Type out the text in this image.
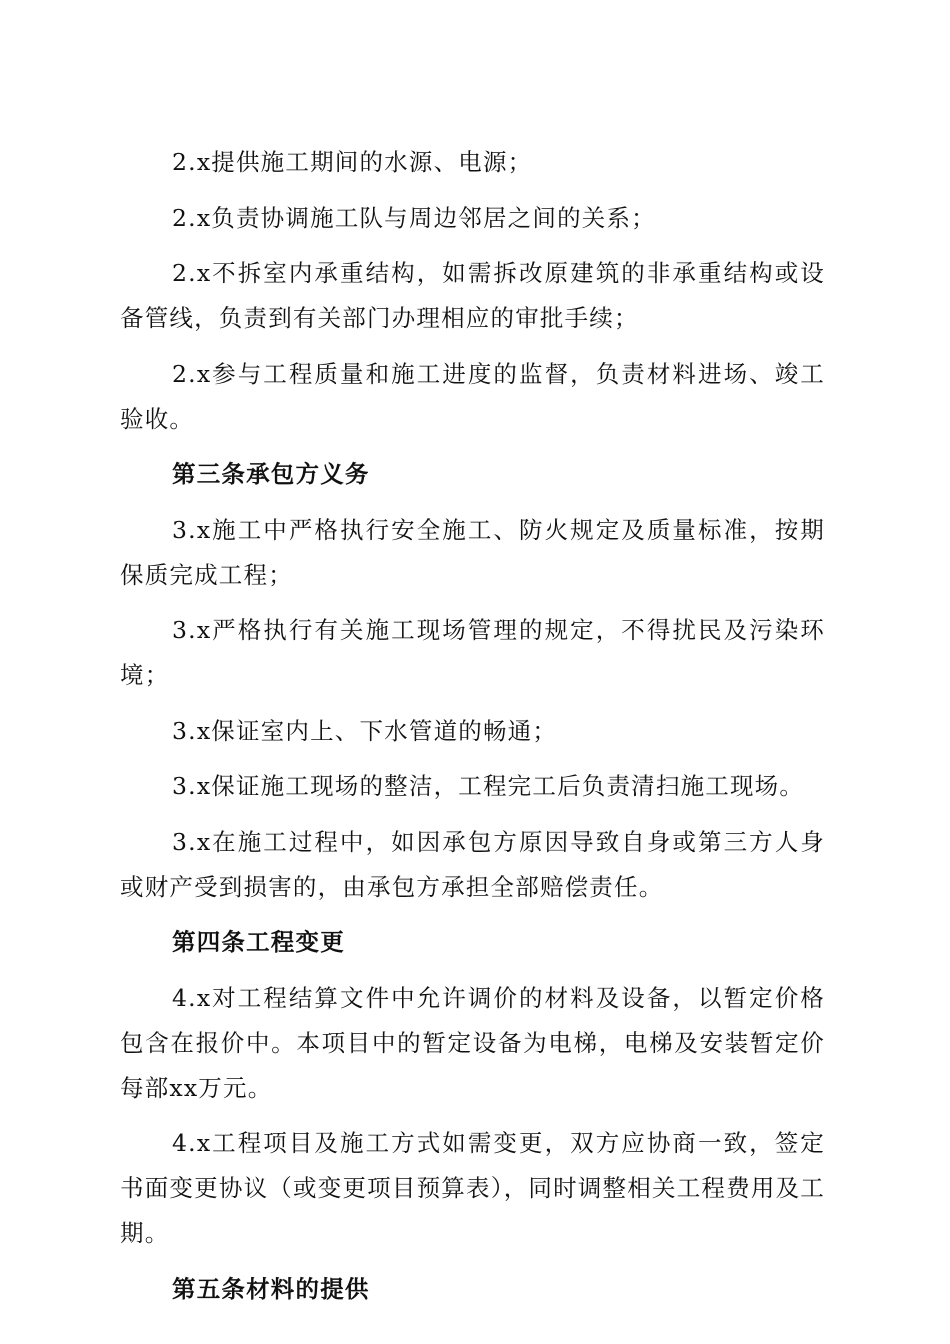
2.x提供施工期间的水源、电源；

2.x负责协调施工队与周边邻居之间的关系；

2.x不拆室内承重结构，如需拆改原建筑的非承重结构或设备管线，负责到有关部门办理相应的审批手续；

2.x参与工程质量和施工进度的监督，负责材料进场、竣工验收。

第三条承包方义务

3.x施工中严格执行安全施工、防火规定及质量标准，按期保质完成工程；

3.x严格执行有关施工现场管理的规定，不得扰民及污染环境；

3.x保证室内上、下水管道的畅通；

3.x保证施工现场的整洁，工程完工后负责清扫施工现场。

3.x在施工过程中，如因承包方原因导致自身或第三方人身或财产受到损害的，由承包方承担全部赔偿责任。

第四条工程变更

4.x对工程结算文件中允许调价的材料及设备，以暂定价格包含在报价中。本项目中的暂定设备为电梯，电梯及安装暂定价每部xx万元。

4.x工程项目及施工方式如需变更，双方应协商一致，签定书面变更协议（或变更项目预算表），同时调整相关工程费用及工期。

第五条材料的提供
